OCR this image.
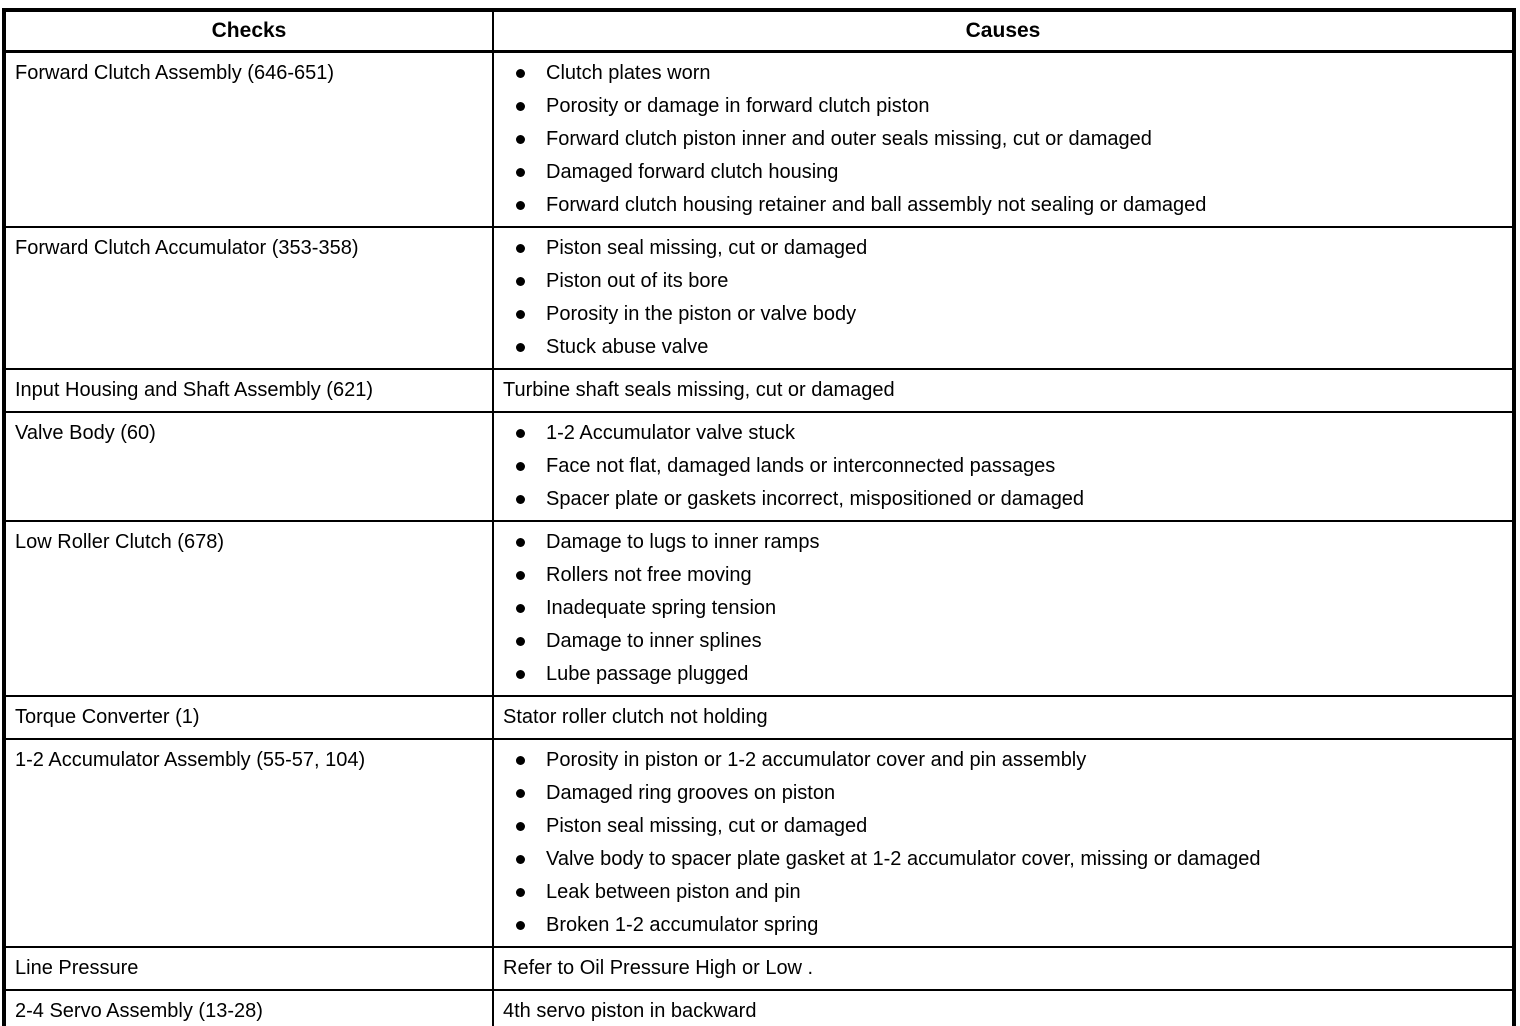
Checks	Causes
Forward Clutch Assembly (646-651)	Clutch plates worn
Porosity or damage in forward clutch piston
Forward clutch piston inner and outer seals missing, cut or damaged
Damaged forward clutch housing
Forward clutch housing retainer and ball assembly not sealing or damaged

Forward Clutch Accumulator (353-358)	Piston seal missing, cut or damaged
Piston out of its bore
Porosity in the piston or valve body
Stuck abuse valve

Input Housing and Shaft Assembly (621)	Turbine shaft seals missing, cut or damaged

Valve Body (60)	1-2 Accumulator valve stuck
Face not flat, damaged lands or interconnected passages
Spacer plate or gaskets incorrect, mispositioned or damaged

Low Roller Clutch (678)	Damage to lugs to inner ramps
Rollers not free moving
Inadequate spring tension
Damage to inner splines
Lube passage plugged

Torque Converter (1)	Stator roller clutch not holding

1-2 Accumulator Assembly (55-57, 104)	Porosity in piston or 1-2 accumulator cover and pin assembly
Damaged ring grooves on piston
Piston seal missing, cut or damaged
Valve body to spacer plate gasket at 1-2 accumulator cover, missing or damaged
Leak between piston and pin
Broken 1-2 accumulator spring

Line Pressure	Refer to Oil Pressure High or Low .

2-4 Servo Assembly (13-28)	4th servo piston in backward
